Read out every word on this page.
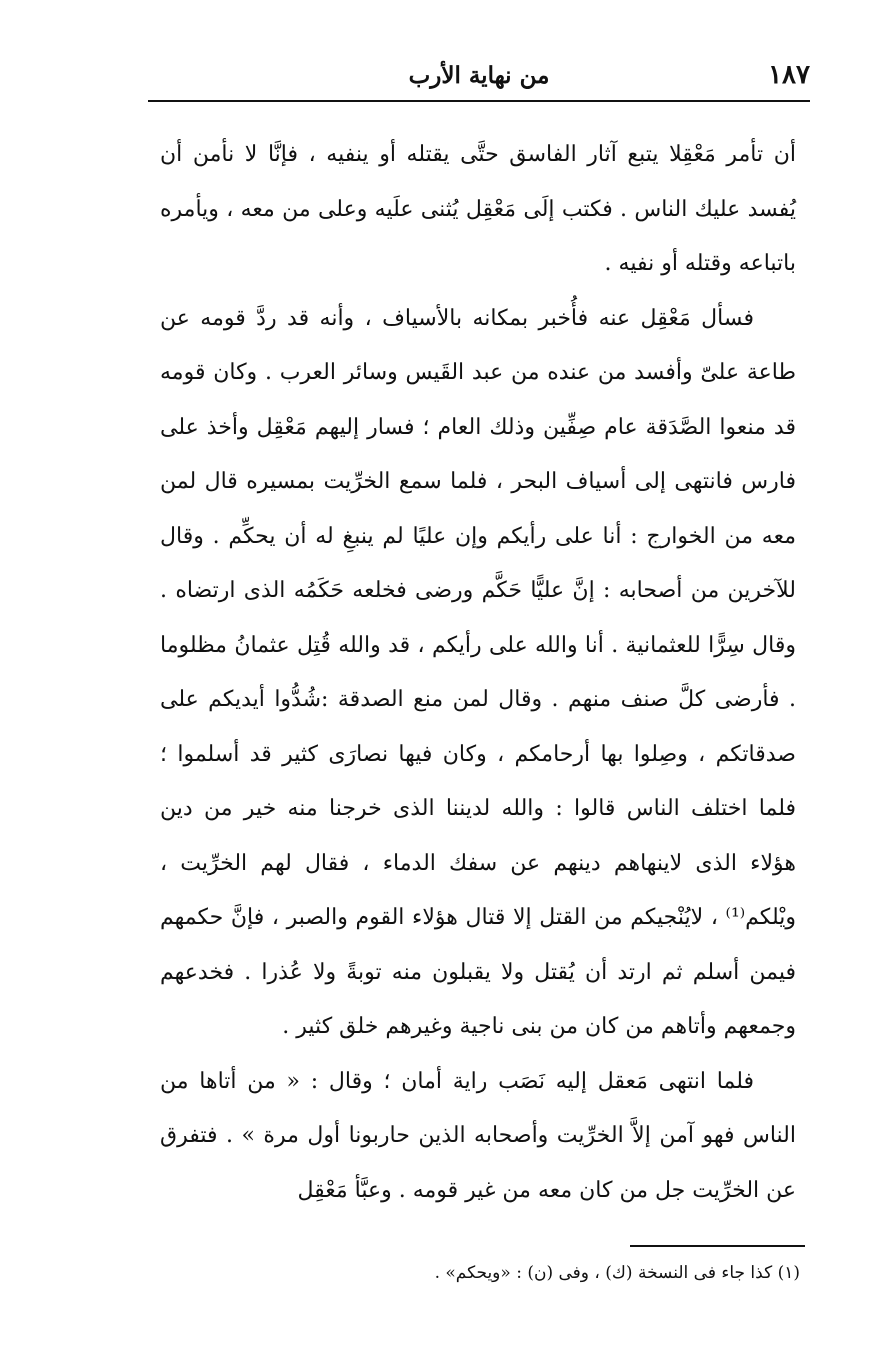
١٨٧
من نهاية الأرب

أن تأمر مَعْقِلا يتبع آثار الفاسق حتَّى يقتله أو ينفيه ، فإنَّا لا نأمن أن يُفسد عليك الناس . فكتب إلَى مَعْقِل يُثنى علَيه وعلى من معه ، ويأمره باتباعه وقتله أو نفيه .

فسأل مَعْقِل عنه فأُخبر بمكانه بالأسياف ، وأنه قد ردَّ قومه عن طاعة علىّ وأفسد من عنده من عبد القَيس وسائر العرب . وكان قومه قد منعوا الصَّدَقة عام صِفِّين وذلك العام ؛ فسار إليهم مَعْقِل وأخذ على فارس فانتهى إلى أسياف البحر ، فلما سمع الخرِّيت بمسيره قال لمن معه من الخوارج : أنا على رأيكم وإن عليًا لم ينبغِ له أن يحكِّم . وقال للآخرين من أصحابه : إنَّ عليًّا حَكَّم ورضى فخلعه حَكَمُه الذى ارتضاه . وقال سِرًّا للعثمانية . أنا والله على رأيكم ، قد والله قُتِل عثمانُ مظلوما . فأرضى كلَّ صنف منهم . وقال لمن منع الصدقة :شُدُّوا أيديكم على صدقاتكم ، وصِلوا بها أرحامكم ، وكان فيها نصارَى كثير قد أسلموا ؛ فلما اختلف الناس قالوا : والله لديننا الذى خرجنا منه خير من دين هؤلاء الذى لاينهاهم دينهم عن سفك الدماء ، فقال لهم الخرِّيت ، ويْلكم⁽¹⁾ ، لايُنْجيكم من القتل إلا قتال هؤلاء القوم والصبر ، فإنَّ حكمهم فيمن أسلم ثم ارتد أن يُقتل ولا يقبلون منه توبةً ولا عُذرا . فخدعهم وجمعهم وأتاهم من كان من بنى ناجية وغيرهم خلق كثير .

فلما انتهى مَعقل إليه نَصَب راية أمان ؛ وقال : « من أتاها من الناس فهو آمن إلاَّ الخرِّيت وأصحابه الذين حاربونا أول مرة » . فتفرق عن الخرِّيت جل من كان معه من غير قومه . وعبَّأ مَعْقِل

(١) كذا جاء فى النسخة (ك) ، وفى (ن) : «ويحكم» .
